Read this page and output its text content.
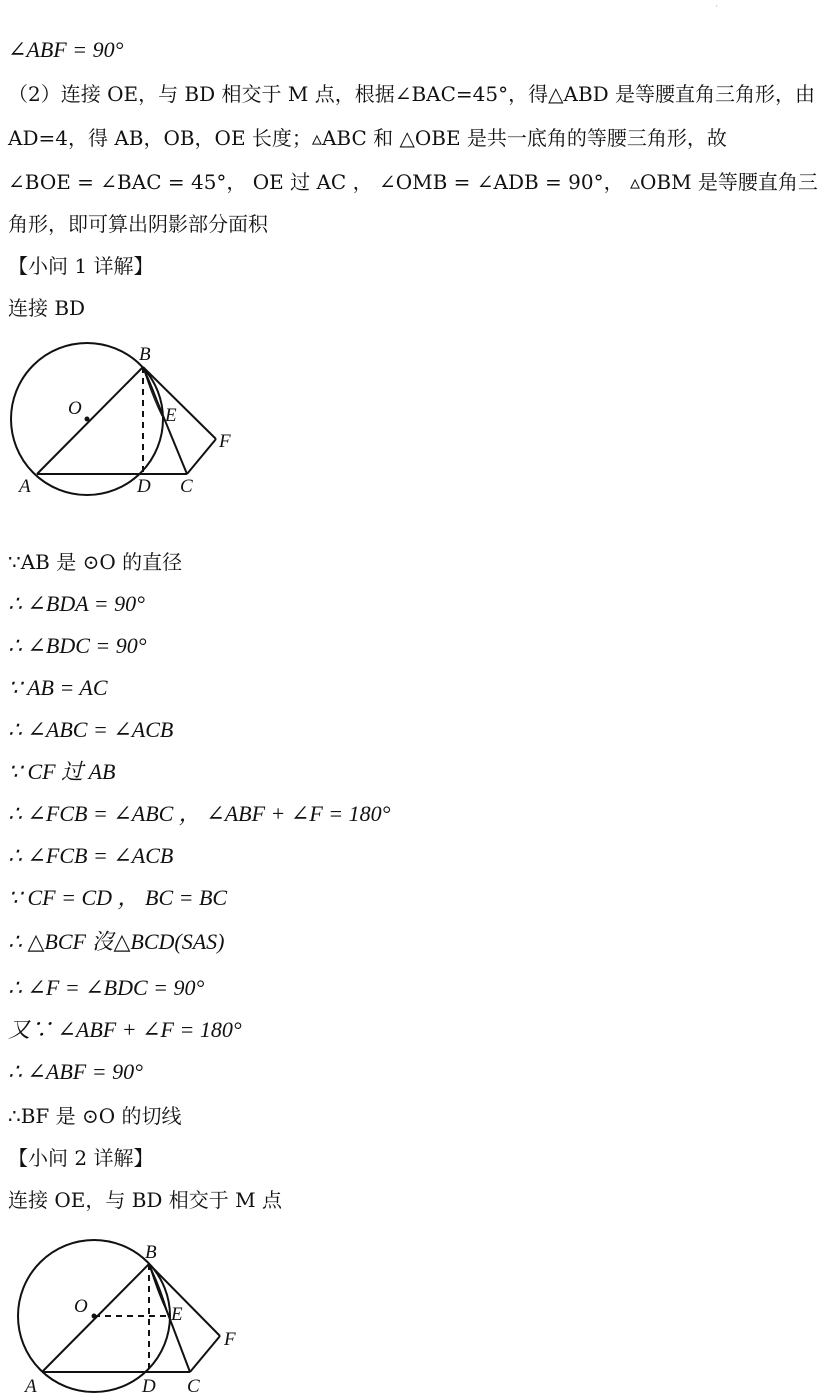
·
∠ABF = 90°
（2）连接 OE，与 BD 相交于 M 点，根据∠BAC=45°，得△ABD 是等腰直角三角形，由
AD=4，得 AB，OB，OE 长度；▵ABC 和 △OBE 是共一底角的等腰三角形，故
∠BOE = ∠BAC = 45°， OE 过 AC ， ∠OMB = ∠ADB = 90°， ▵OBM 是等腰直角三
角形，即可算出阴影部分面积
【小问 1 详解】
连接 BD
B
O	E
F
A	D C
∵AB 是 ⊙O 的直径
∴ ∠BDA = 90°
∴ ∠BDC = 90°
∵ AB = AC
∴ ∠ABC = ∠ACB
∵ CF 过 AB
∴ ∠FCB = ∠ABC ， ∠ABF + ∠F = 180°
∴ ∠FCB = ∠ACB
∵ CF = CD ， BC = BC
∴ △BCF 沒△BCD(SAS)
∴ ∠F = ∠BDC = 90°
又∵ ∠ABF + ∠F = 180°
∴ ∠ABF = 90°
∴BF 是 ⊙O 的切线
【小问 2 详解】
连接 OE，与 BD 相交于 M 点
B
O	E
F
A	D C
